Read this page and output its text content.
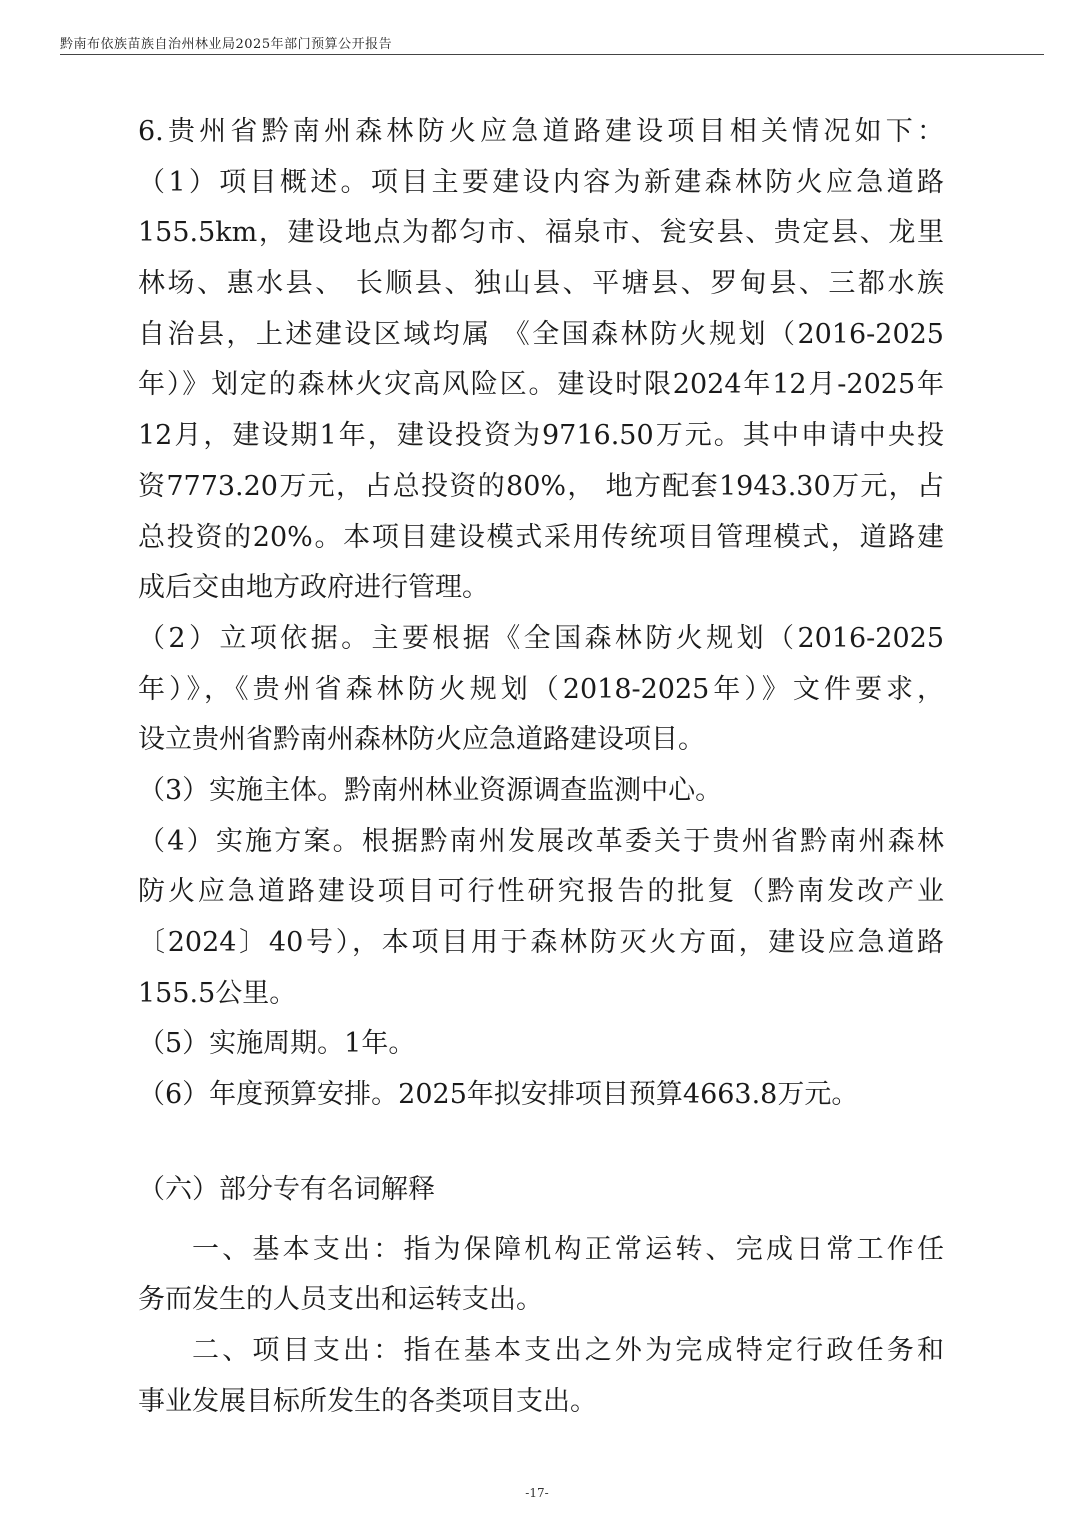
黔南布依族苗族自治州林业局2025年部门预算公开报告
6.贵州省黔南州森林防火应急道路建设项目相关情况如下：
（1）项目概述。项目主要建设内容为新建森林防火应急道路
155.5km，建设地点为都匀市、福泉市、瓮安县、贵定县、龙里
林场、惠水县、 长顺县、独山县、平塘县、罗甸县、三都水族
自治县，上述建设区域均属 《全国森林防火规划（2016-2025
年）》划定的森林火灾高风险区。建设时限2024年12月-2025年
12月，建设期1年，建设投资为9716.50万元。其中申请中央投
资7773.20万元，占总投资的80%， 地方配套1943.30万元，占
总投资的20%。本项目建设模式采用传统项目管理模式，道路建
成后交由地方政府进行管理。
（2）立项依据。主要根据《全国森林防火规划（2016-2025
年）》，《贵州省森林防火规划（2018-2025年）》文件要求，
设立贵州省黔南州森林防火应急道路建设项目。
（3）实施主体。黔南州林业资源调查监测中心。
（4）实施方案。根据黔南州发展改革委关于贵州省黔南州森林
防火应急道路建设项目可行性研究报告的批复（黔南发改产业
〔2024〕40号），本项目用于森林防灭火方面，建设应急道路
155.5公里。
（5）实施周期。1年。
（6）年度预算安排。2025年拟安排项目预算4663.8万元。
（六）部分专有名词解释
一、基本支出：指为保障机构正常运转、完成日常工作任
务而发生的人员支出和运转支出。
二、项目支出：指在基本支出之外为完成特定行政任务和
事业发展目标所发生的各类项目支出。
-17-
